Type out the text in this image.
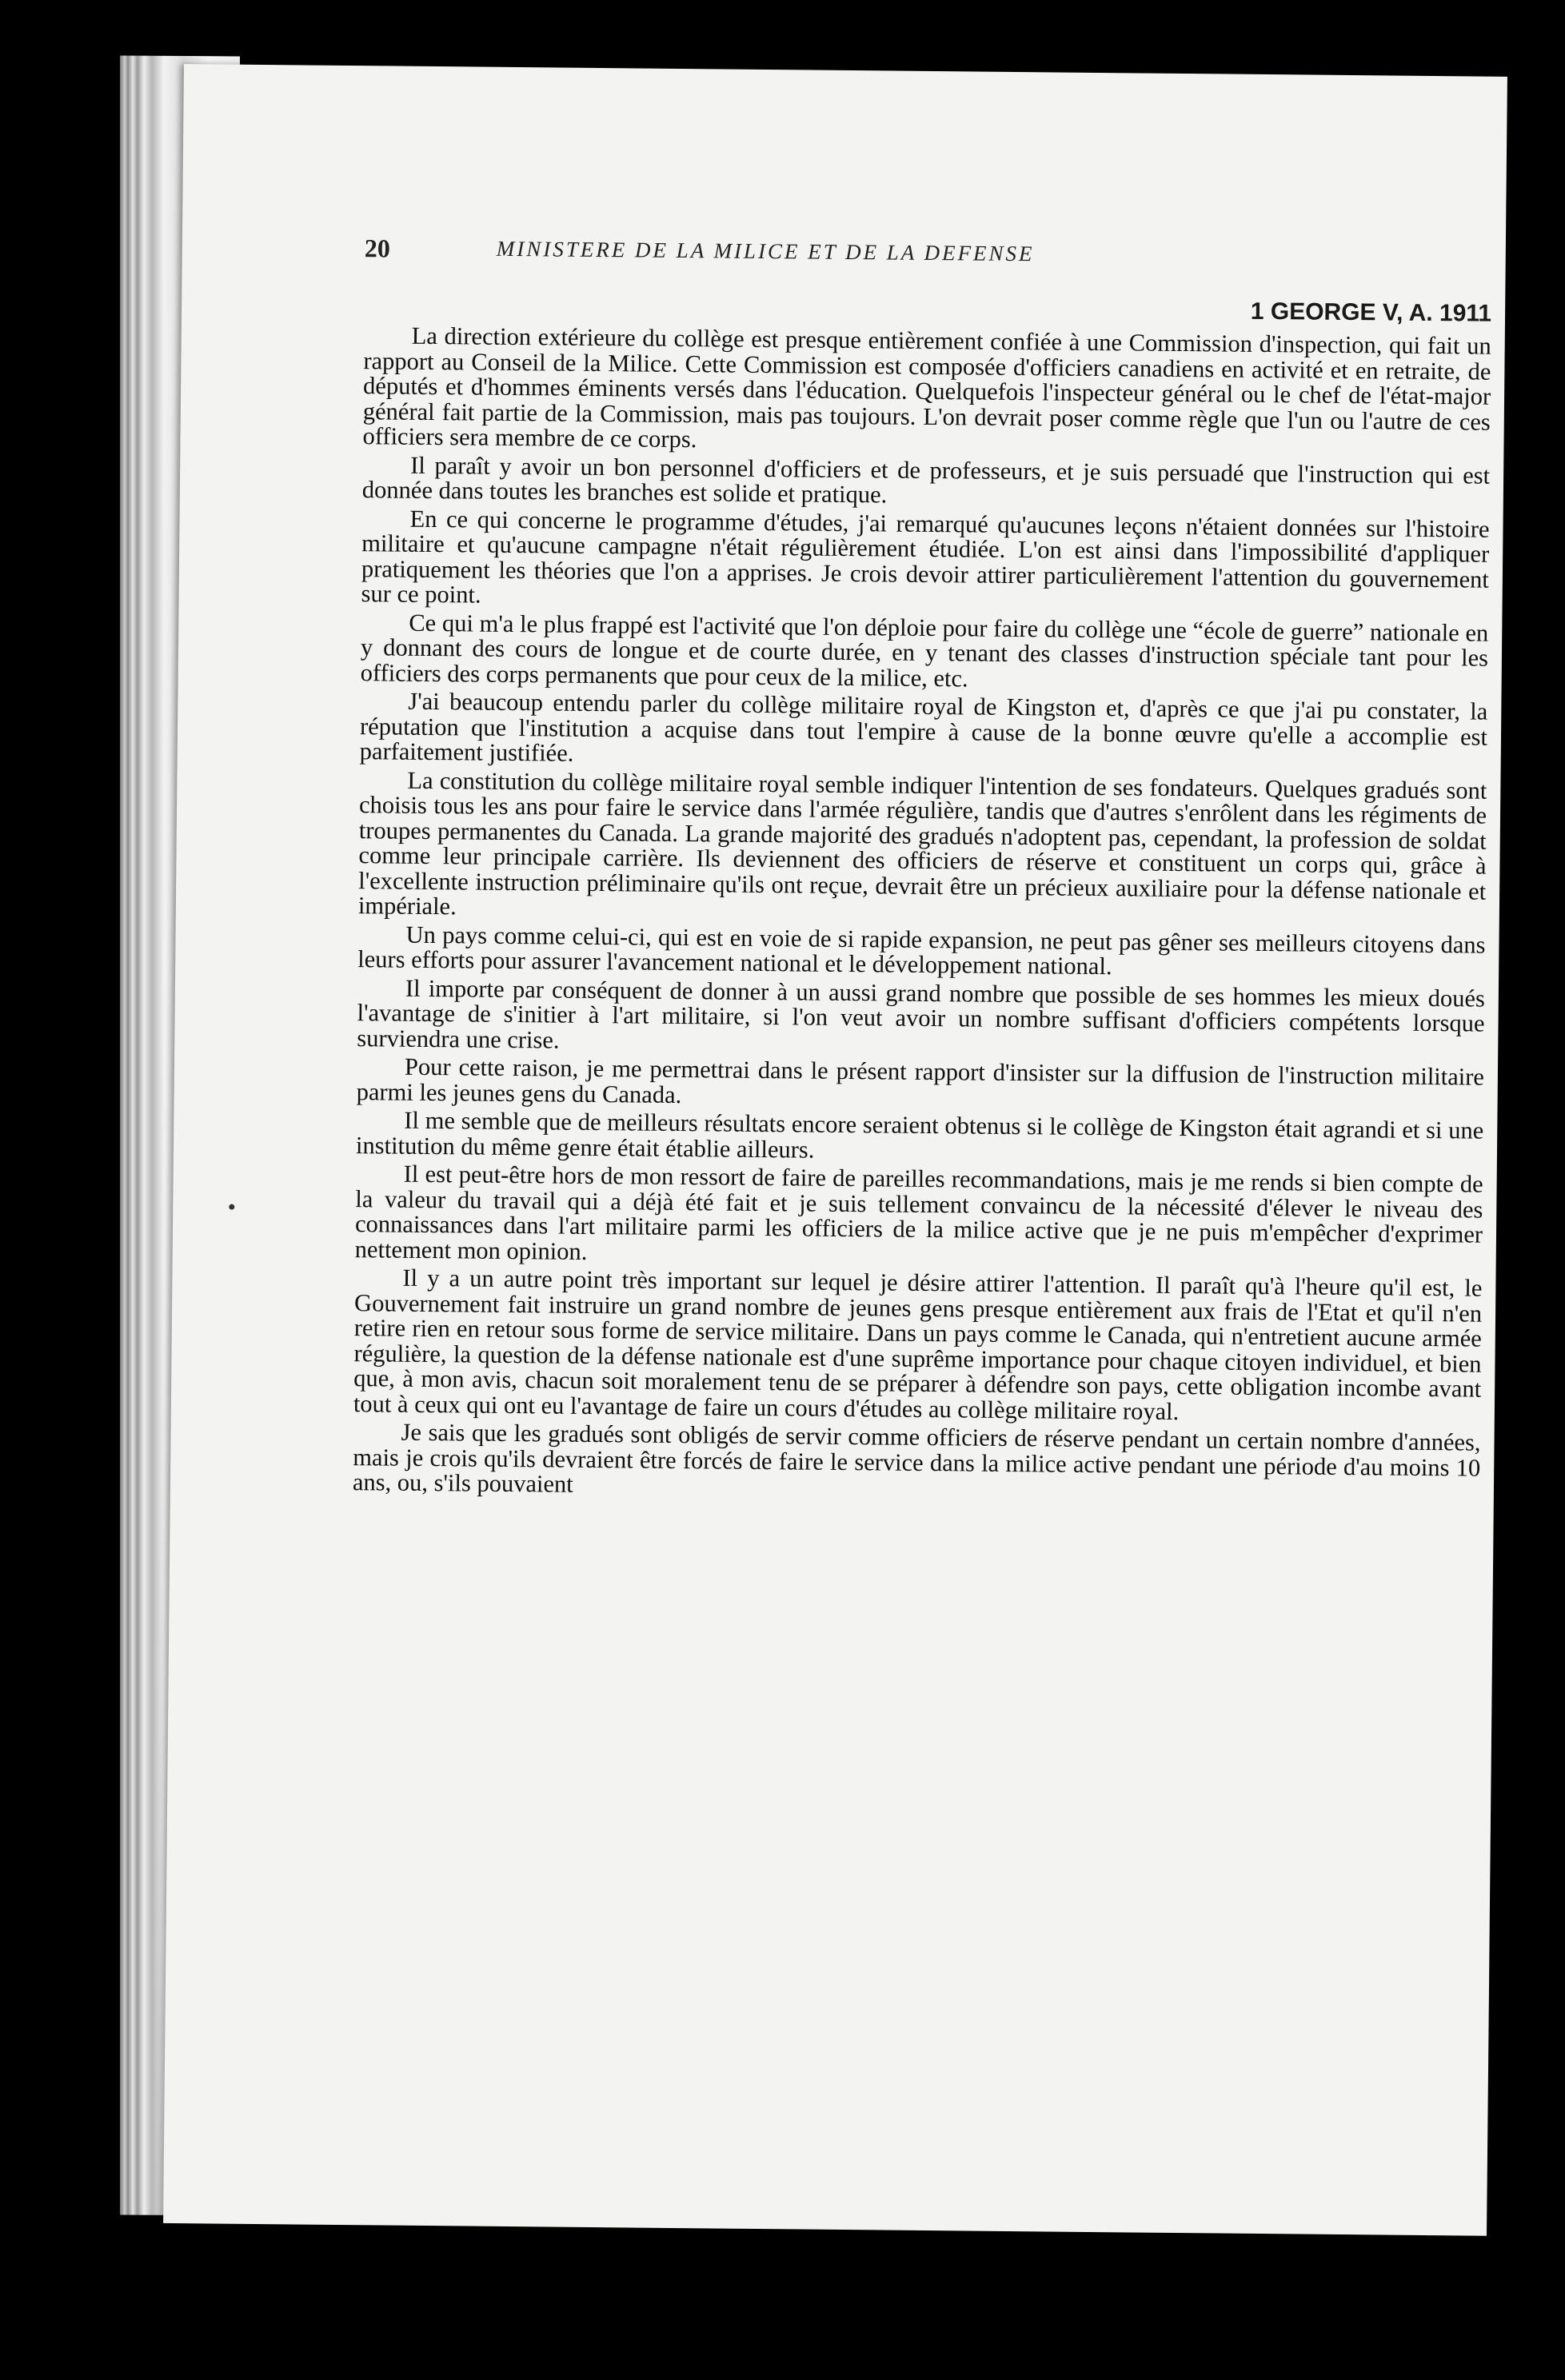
20	MINISTERE DE LA MILICE ET DE LA DEFENSE
1 GEORGE V, A. 1911

La direction extérieure du collège est presque entièrement confiée à une Commission d'inspection, qui fait un rapport au Conseil de la Milice. Cette Commission est composée d'officiers canadiens en activité et en retraite, de députés et d'hommes éminents versés dans l'éducation. Quelquefois l'inspecteur général ou le chef de l'état-major général fait partie de la Commission, mais pas toujours. L'on devrait poser comme règle que l'un ou l'autre de ces officiers sera membre de ce corps.

Il paraît y avoir un bon personnel d'officiers et de professeurs, et je suis persuadé que l'instruction qui est donnée dans toutes les branches est solide et pratique.

En ce qui concerne le programme d'études, j'ai remarqué qu'aucunes leçons n'étaient données sur l'histoire militaire et qu'aucune campagne n'était régulièrement étudiée. L'on est ainsi dans l'impossibilité d'appliquer pratiquement les théories que l'on a apprises. Je crois devoir attirer particulièrement l'attention du gouvernement sur ce point.

Ce qui m'a le plus frappé est l'activité que l'on déploie pour faire du collège une “école de guerre” nationale en y donnant des cours de longue et de courte durée, en y tenant des classes d'instruction spéciale tant pour les officiers des corps permanents que pour ceux de la milice, etc.

J'ai beaucoup entendu parler du collège militaire royal de Kingston et, d'après ce que j'ai pu constater, la réputation que l'institution a acquise dans tout l'empire à cause de la bonne œuvre qu'elle a accomplie est parfaitement justifiée.

La constitution du collège militaire royal semble indiquer l'intention de ses fondateurs. Quelques gradués sont choisis tous les ans pour faire le service dans l'armée régulière, tandis que d'autres s'enrôlent dans les régiments de troupes permanentes du Canada. La grande majorité des gradués n'adoptent pas, cependant, la profession de soldat comme leur principale carrière. Ils deviennent des officiers de réserve et constituent un corps qui, grâce à l'excellente instruction préliminaire qu'ils ont reçue, devrait être un précieux auxiliaire pour la défense nationale et impériale.

Un pays comme celui-ci, qui est en voie de si rapide expansion, ne peut pas gêner ses meilleurs citoyens dans leurs efforts pour assurer l'avancement national et le développement national.

Il importe par conséquent de donner à un aussi grand nombre que possible de ses hommes les mieux doués l'avantage de s'initier à l'art militaire, si l'on veut avoir un nombre suffisant d'officiers compétents lorsque surviendra une crise.

Pour cette raison, je me permettrai dans le présent rapport d'insister sur la diffusion de l'instruction militaire parmi les jeunes gens du Canada.

Il me semble que de meilleurs résultats encore seraient obtenus si le collège de Kingston était agrandi et si une institution du même genre était établie ailleurs.

Il est peut-être hors de mon ressort de faire de pareilles recommandations, mais je me rends si bien compte de la valeur du travail qui a déjà été fait et je suis tellement convaincu de la nécessité d'élever le niveau des connaissances dans l'art militaire parmi les officiers de la milice active que je ne puis m'empêcher d'exprimer nettement mon opinion.

Il y a un autre point très important sur lequel je désire attirer l'attention. Il paraît qu'à l'heure qu'il est, le Gouvernement fait instruire un grand nombre de jeunes gens presque entièrement aux frais de l'Etat et qu'il n'en retire rien en retour sous forme de service militaire. Dans un pays comme le Canada, qui n'entretient aucune armée régulière, la question de la défense nationale est d'une suprême importance pour chaque citoyen individuel, et bien que, à mon avis, chacun soit moralement tenu de se préparer à défendre son pays, cette obligation incombe avant tout à ceux qui ont eu l'avantage de faire un cours d'études au collège militaire royal.

Je sais que les gradués sont obligés de servir comme officiers de réserve pendant un certain nombre d'années, mais je crois qu'ils devraient être forcés de faire le service dans la milice active pendant une période d'au moins 10 ans, ou, s'ils pouvaient
